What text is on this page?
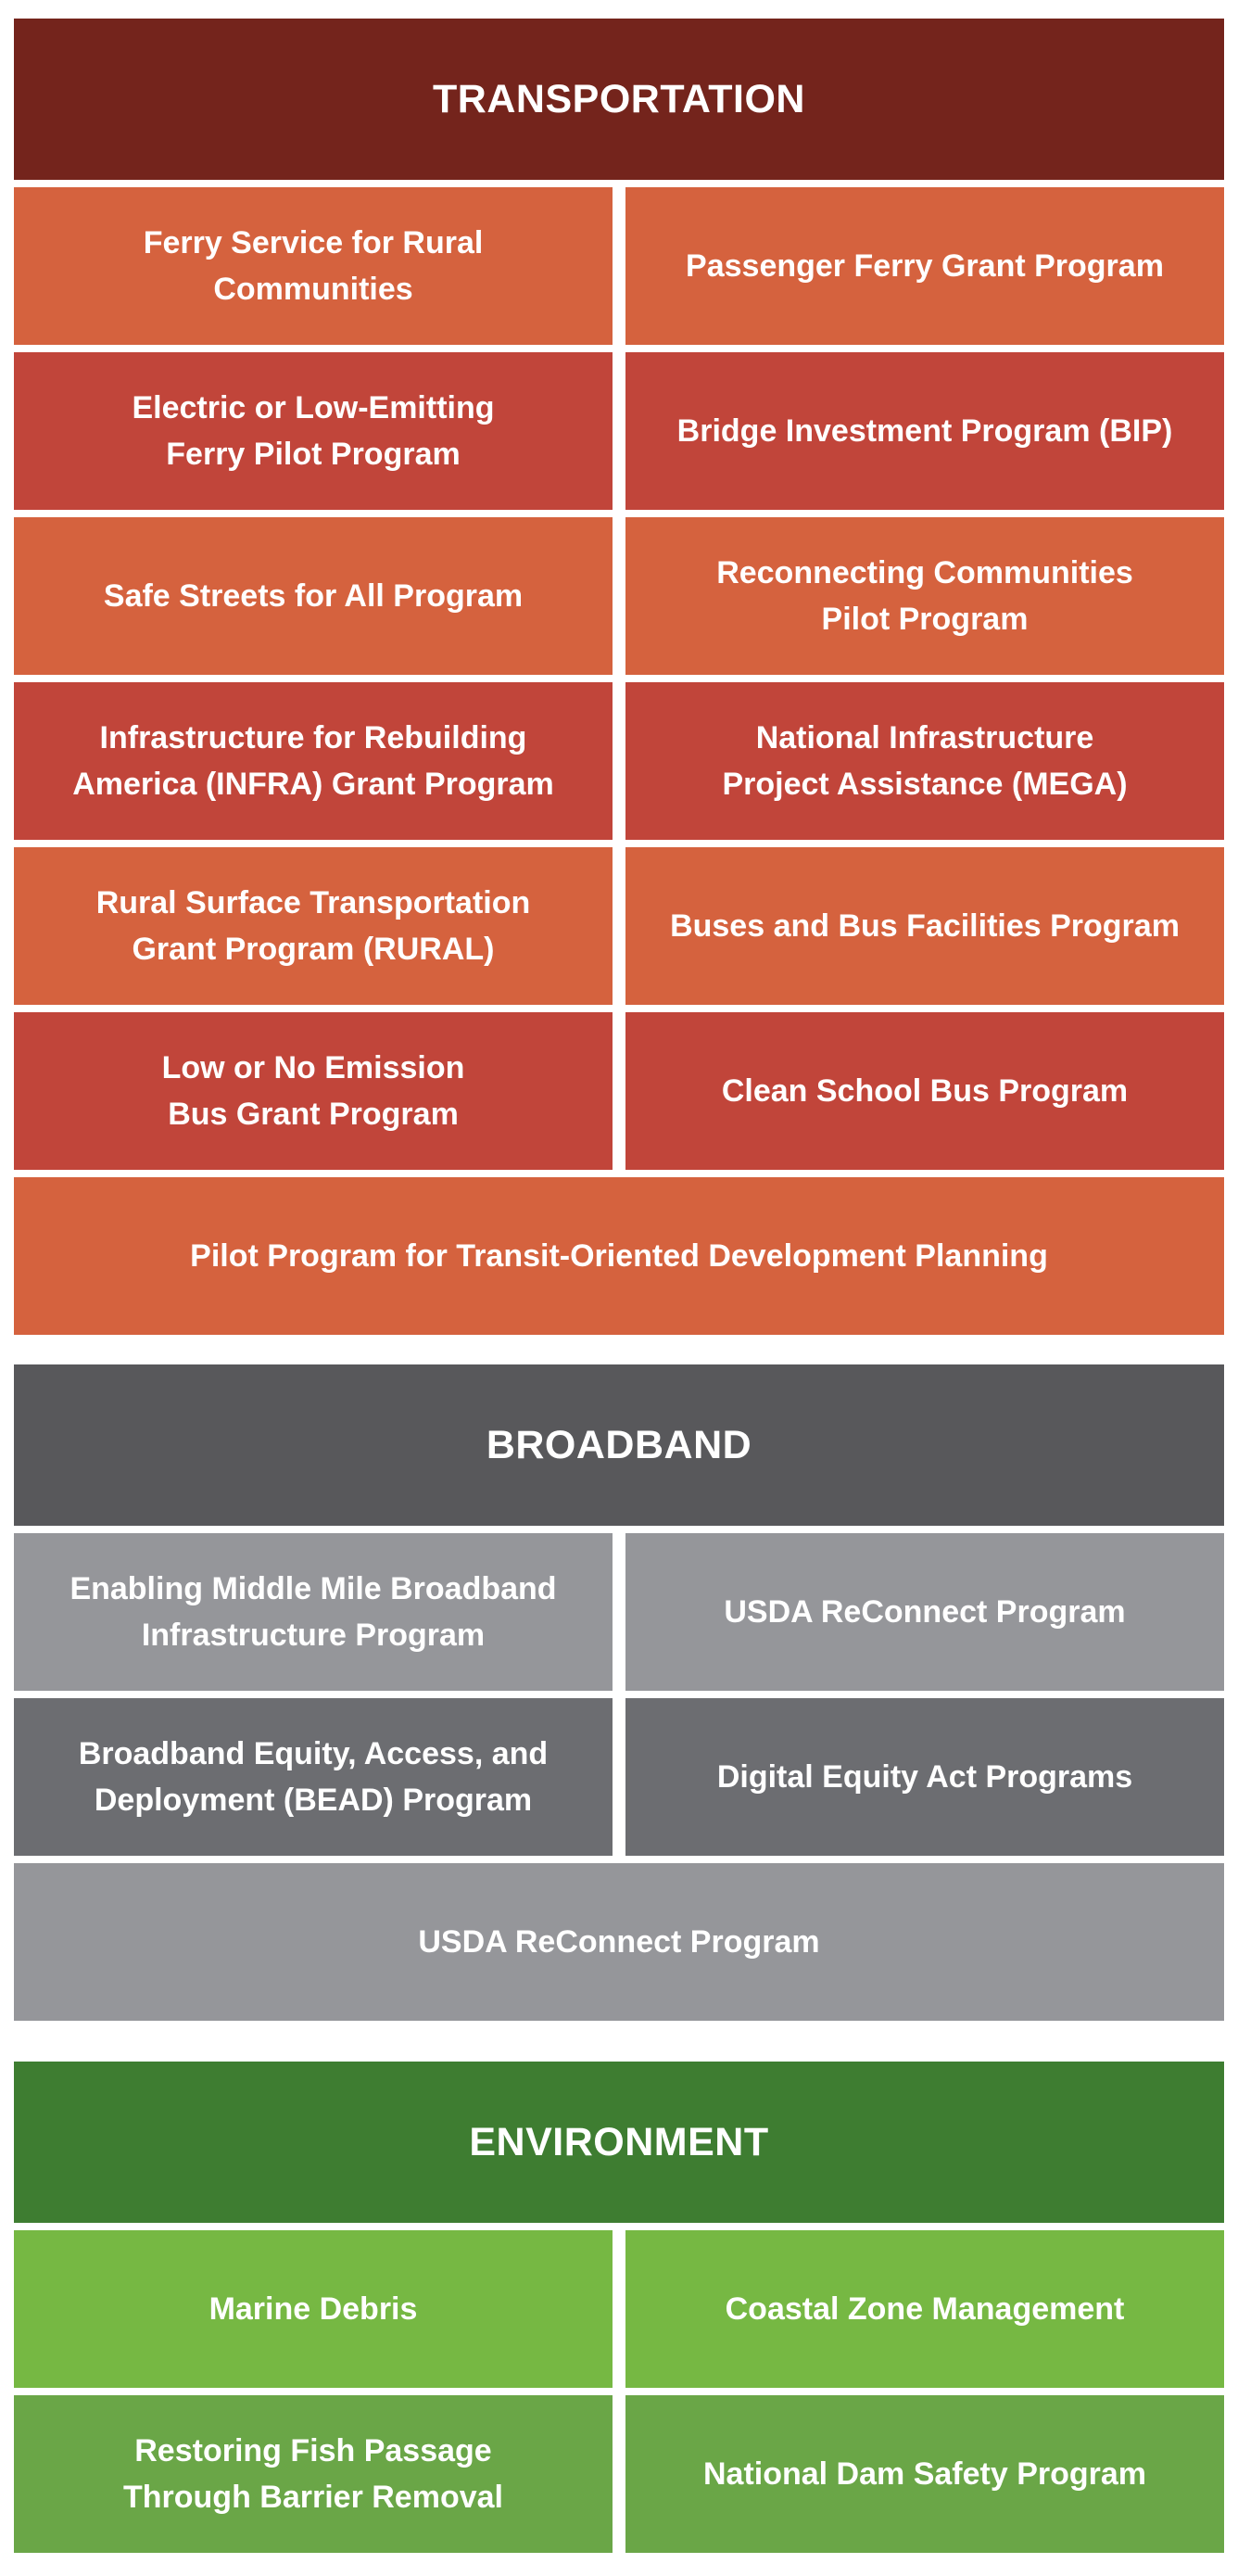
TRANSPORTATION
Ferry Service for Rural
Communities
Passenger Ferry Grant Program
Electric or Low-Emitting
Ferry Pilot Program
Bridge Investment Program (BIP)
Safe Streets for All Program
Reconnecting Communities
Pilot Program
Infrastructure for Rebuilding
America (INFRA) Grant Program
National Infrastructure
Project Assistance (MEGA)
Rural Surface Transportation
Grant Program (RURAL)
Buses and Bus Facilities Program
Low or No Emission
Bus Grant Program
Clean School Bus Program
Pilot Program for Transit-Oriented Development Planning
BROADBAND
Enabling Middle Mile Broadband
Infrastructure Program
USDA ReConnect Program
Broadband Equity, Access, and
Deployment (BEAD) Program
Digital Equity Act Programs
USDA ReConnect Program
ENVIRONMENT
Marine Debris	Coastal Zone Management
Restoring Fish Passage
Through Barrier Removal
National Dam Safety Program
